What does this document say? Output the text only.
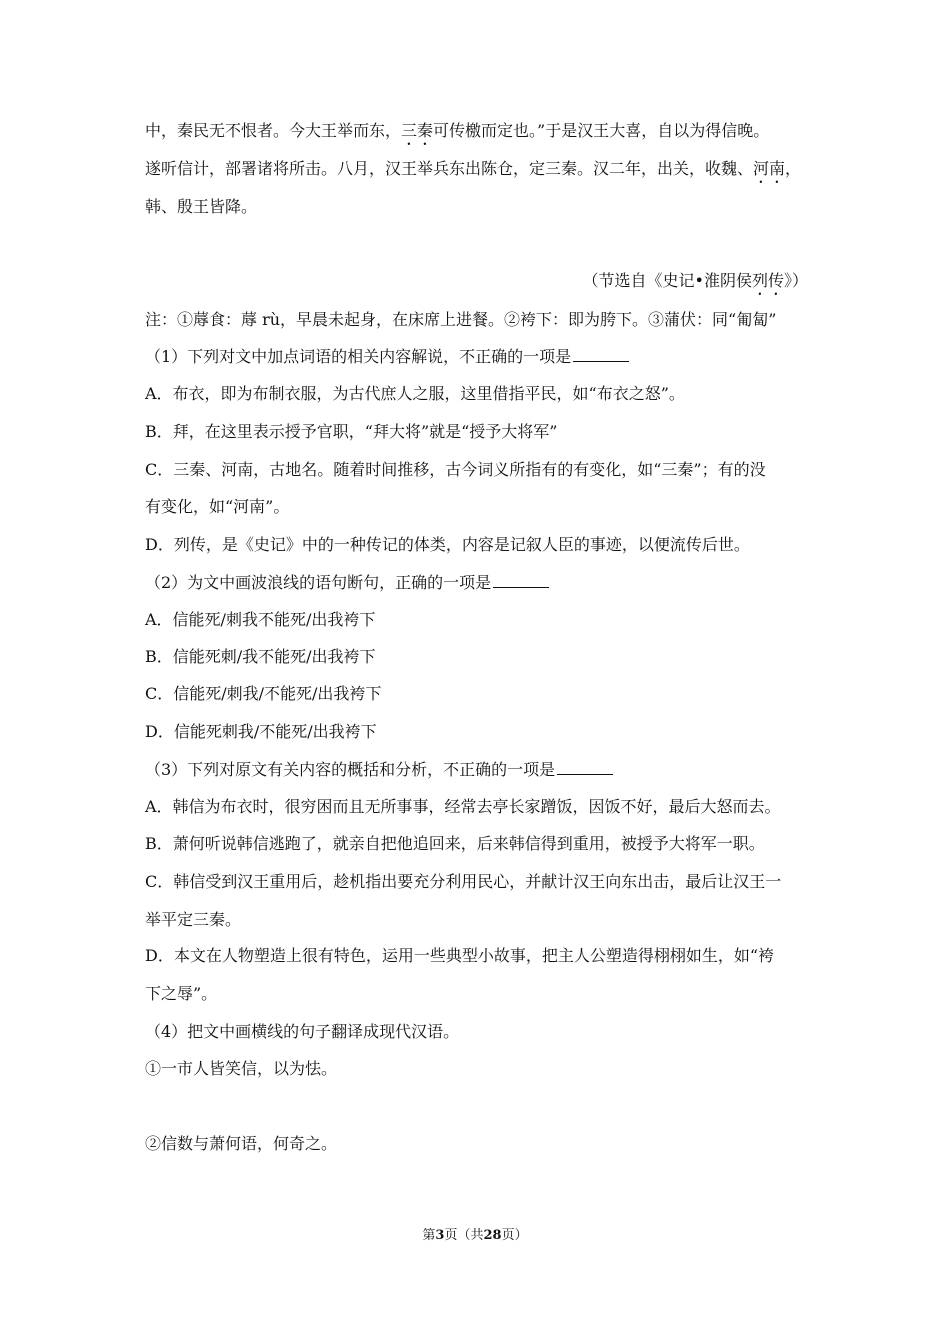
中，秦民无不恨者。今大王举而东，三秦可传檄而定也。”于是汉王大喜，自以为得信晚。
遂听信计，部署诸将所击。八月，汉王举兵东出陈仓，定三秦。汉二年，出关，收魏、河南，
韩、殷王皆降。
（节选自《史记•淮阴侯列传》）
注：①蓐食：蓐 rù，早晨未起身，在床席上进餐。②袴下：即为胯下。③蒲伏：同“匍匐”
（1）下列对文中加点词语的相关内容解说，不正确的一项是
A．布衣，即为布制衣服，为古代庶人之服，这里借指平民，如“布衣之怒”。
B．拜，在这里表示授予官职，“拜大将”就是“授予大将军”
C．三秦、河南，古地名。随着时间推移，古今词义所指有的有变化，如“三秦”；有的没
有变化，如“河南”。
D．列传，是《史记》中的一种传记的体类，内容是记叙人臣的事迹，以便流传后世。
（2）为文中画波浪线的语句断句，正确的一项是
A．信能死/刺我不能死/出我袴下
B．信能死刺/我不能死/出我袴下
C．信能死/刺我/不能死/出我袴下
D．信能死刺我/不能死/出我袴下
（3）下列对原文有关内容的概括和分析，不正确的一项是
A．韩信为布衣时，很穷困而且无所事事，经常去亭长家蹭饭，因饭不好，最后大怒而去。
B．萧何听说韩信逃跑了，就亲自把他追回来，后来韩信得到重用，被授予大将军一职。
C．韩信受到汉王重用后，趁机指出要充分利用民心，并献计汉王向东出击，最后让汉王一
举平定三秦。
D．本文在人物塑造上很有特色，运用一些典型小故事，把主人公塑造得栩栩如生，如“袴
下之辱”。
（4）把文中画横线的句子翻译成现代汉语。
①一市人皆笑信，以为怯。
②信数与萧何语，何奇之。
第3页（共28页）
